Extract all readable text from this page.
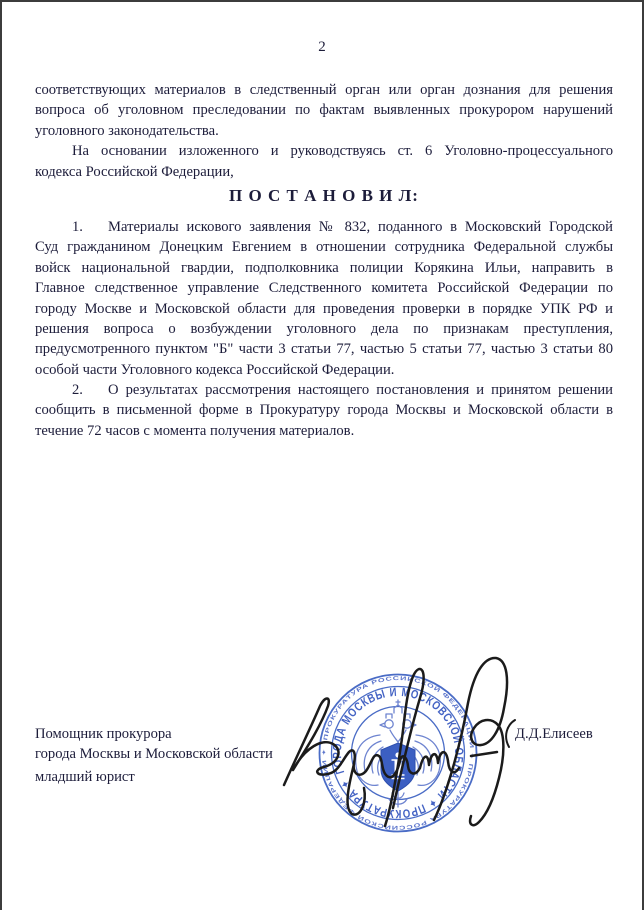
2
соответствующих материалов в следственный орган или орган дознания для решения
вопроса об уголовном преследовании по фактам выявленных прокурором нарушений
уголовного законодательства.
На основании изложенного и руководствуясь ст. 6 Уголовно-процессуального
кодекса Российской Федерации,
П О С Т А Н О В И Л:
1. Материалы искового заявления № 832, поданного в Московский Городской
Суд гражданином Донецким Евгением в отношении сотрудника Федеральной службы
войск национальной гвардии, подполковника полиции Корякина Ильи, направить в
Главное следственное управление Следственного комитета Российской Федерации по
городу Москве и Московской области для проведения проверки в порядке УПК РФ и
решения вопроса о возбуждении уголовного дела по признакам преступления,
предусмотренного пунктом "Б" части 3 статьи 77, частью 5 статьи 77, частью 3 статьи 80
особой части Уголовного кодекса Российской Федерации.
2. О результатах рассмотрения настоящего постановления и принятом решении
сообщить в письменной форме в Прокуратуру города Москвы и Московской области в
течение 72 часов с момента получения материалов.
Помощник прокурора
города Москвы и Московской области
младший юрист
Д.Д.Елисеев
ПРОКУРАТУРА РОССИЙСКОЙ ФЕДЕРАЦИИ ✦ ПРОКУРАТУРА РОССИЙСКОЙ ФЕДЕРАЦИИ ✦
ГОРОДА МОСКВЫ И МОСКОВСКОЙ ОБЛАСТИ ✦ ПРОКУРАТУРА ✦
